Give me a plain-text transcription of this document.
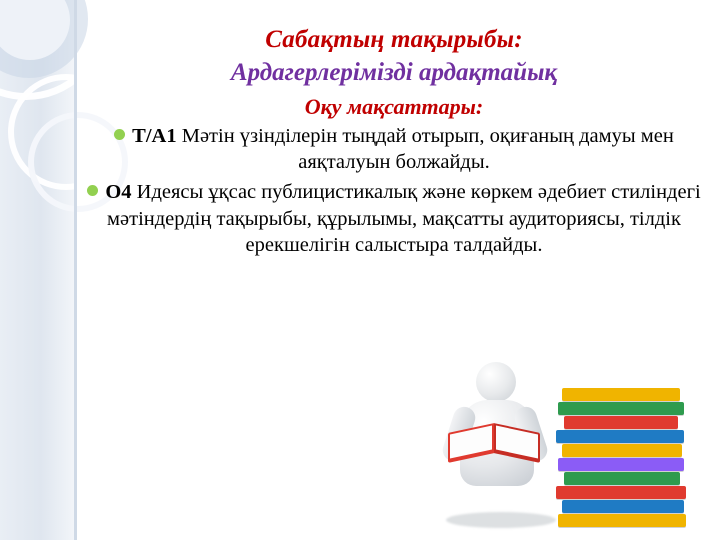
Сабақтың тақырыбы:
Ардагерлерімізді ардақтайық
Оқу мақсаттары:
Т/А1 Мәтін үзінділерін тыңдай отырып, оқиғаның дамуы мен аяқталуын болжайды.
О4 Идеясы ұқсас публицистикалық және көркем әдебиет стиліндегі мәтіндердің тақырыбы, құрылымы, мақсатты аудиториясы, тілдік ерекшелігін салыстыра талдайды.
